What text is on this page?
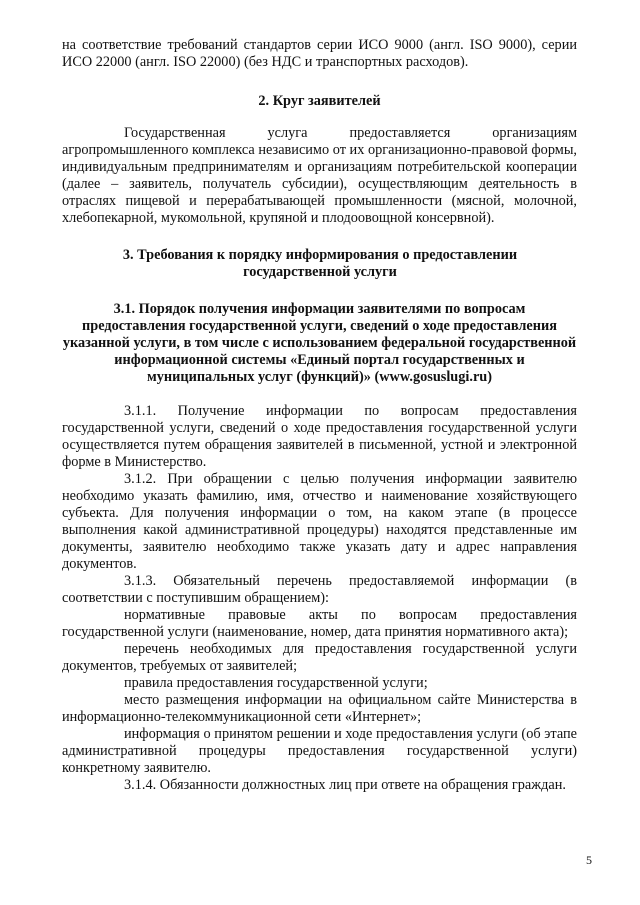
на соответствие требований стандартов серии ИСО 9000 (англ. ISO 9000), серии ИСО 22000 (англ. ISO 22000) (без НДС и транспортных расходов).

2. Круг заявителей

Государственная услуга предоставляется организациям агропромышленного комплекса независимо от их организационно-правовой формы, индивидуальным предпринимателям и организациям потребительской кооперации (далее – заявитель, получатель субсидии), осуществляющим деятельность в отраслях пищевой и перерабатывающей промышленности (мясной, молочной, хлебопекарной, мукомольной, крупяной и плодоовощной консервной).

3. Требования к порядку информирования о предоставлении государственной услуги

3.1. Порядок получения информации заявителями по вопросам предоставления государственной услуги, сведений о ходе предоставления указанной услуги, в том числе с использованием федеральной государственной информационной системы «Единый портал государственных и муниципальных услуг (функций)» (www.gosuslugi.ru)

3.1.1. Получение информации по вопросам предоставления государственной услуги, сведений о ходе предоставления государственной услуги осуществляется путем обращения заявителей в письменной, устной и электронной форме в Министерство.

3.1.2. При обращении с целью получения информации заявителю необходимо указать фамилию, имя, отчество и наименование хозяйствующего субъекта. Для получения информации о том, на каком этапе (в процессе выполнения какой административной процедуры) находятся представленные им документы, заявителю необходимо также указать дату и адрес направления документов.

3.1.3. Обязательный перечень предоставляемой информации (в соответствии с поступившим обращением):

нормативные правовые акты по вопросам предоставления государственной услуги (наименование, номер, дата принятия нормативного акта);

перечень необходимых для предоставления государственной услуги документов, требуемых от заявителей;

правила предоставления государственной услуги;

место размещения информации на официальном сайте Министерства в информационно-телекоммуникационной сети «Интернет»;

информация о принятом решении и ходе предоставления услуги (об этапе административной процедуры предоставления государственной услуги) конкретному заявителю.

3.1.4. Обязанности должностных лиц при ответе на обращения граждан.

5
